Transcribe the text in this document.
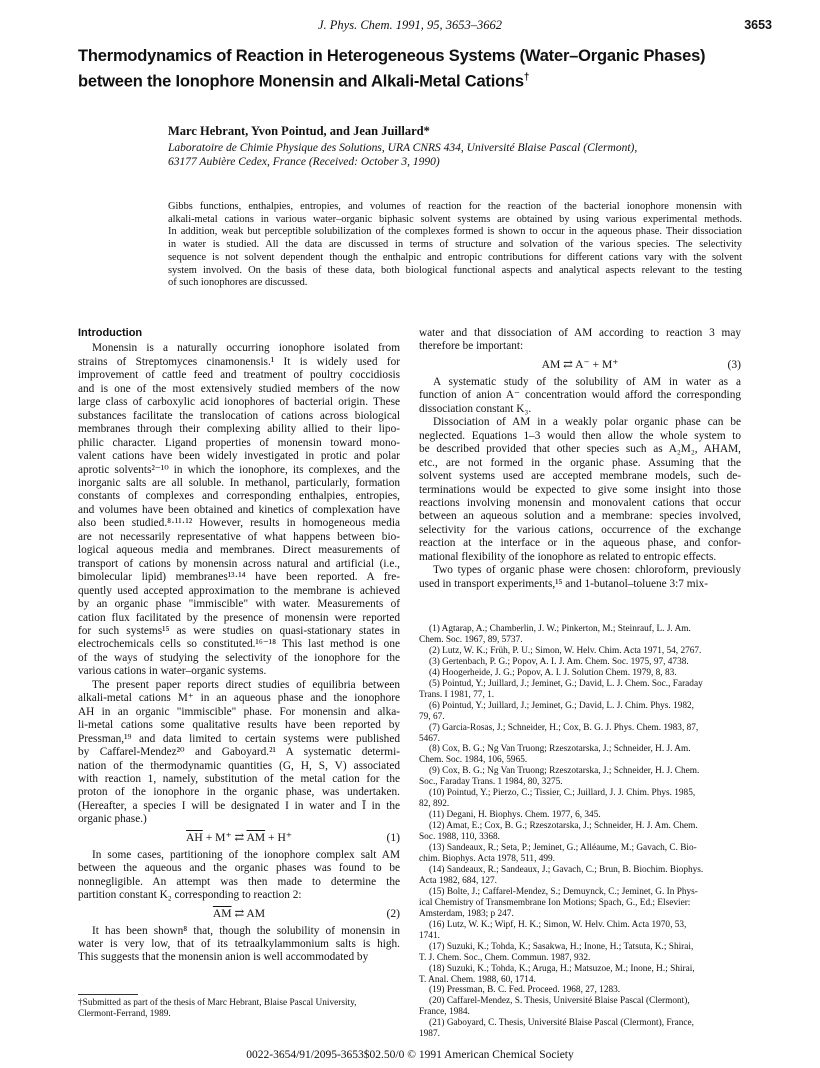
J. Phys. Chem. 1991, 95, 3653–3662	3653
Thermodynamics of Reaction in Heterogeneous Systems (Water–Organic Phases)
between the Ionophore Monensin and Alkali-Metal Cations†
Marc Hebrant, Yvon Pointud, and Jean Juillard*
Laboratoire de Chimie Physique des Solutions, URA CNRS 434, Université Blaise Pascal (Clermont),
63177 Aubière Cedex, France (Received: October 3, 1990)
Gibbs functions, enthalpies, entropies, and volumes of reaction for the reaction of the bacterial ionophore monensin with
alkali-metal cations in various water–organic biphasic solvent systems are obtained by using various experimental methods.
In addition, weak but perceptible solubilization of the complexes formed is shown to occur in the aqueous phase. Their dissociation
in water is studied. All the data are discussed in terms of structure and solvation of the various species. The selectivity
sequence is not solvent dependent though the enthalpic and entropic contributions for different cations vary with the solvent
system involved. On the basis of these data, both biological functional aspects and analytical aspects relevant to the testing
of such ionophores are discussed.
Introduction
Monensin is a naturally occurring ionophore isolated from
strains of Streptomyces cinamonensis.¹ It is widely used for
improvement of cattle feed and treatment of poultry coccidiosis
and is one of the most extensively studied members of the now
large class of carboxylic acid ionophores of bacterial origin. These
substances facilitate the translocation of cations across biological
membranes through their complexing ability allied to their lipo-
philic character. Ligand properties of monensin toward mono-
valent cations have been widely investigated in protic and polar
aprotic solvents²⁻¹⁰ in which the ionophore, its complexes, and the
inorganic salts are all soluble. In methanol, particularly, formation
constants of complexes and corresponding enthalpies, entropies,
and volumes have been obtained and kinetics of complexation have
also been studied.⁸·¹¹·¹² However, results in homogeneous media
are not necessarily representative of what happens between bio-
logical aqueous media and membranes. Direct measurements of
transport of cations by monensin across natural and artificial (i.e.,
bimolecular lipid) membranes¹³·¹⁴ have been reported. A fre-
quently used accepted approximation to the membrane is achieved
by an organic phase "immiscible" with water. Measurements of
cation flux facilitated by the presence of monensin were reported
for such systems¹⁵ as were studies on quasi-stationary states in
electrochemicals cells so constituted.¹⁶⁻¹⁸ This last method is one
of the ways of studying the selectivity of the ionophore for the
various cations in water–organic systems.
The present paper reports direct studies of equilibria between
alkali-metal cations M⁺ in an aqueous phase and the ionophore
AH in an organic "immiscible" phase. For monensin and alka-
li-metal cations some qualitative results have been reported by
Pressman,¹⁹ and data limited to certain systems were published
by Caffarel-Mendez²⁰ and Gaboyard.²¹ A systematic determi-
nation of the thermodynamic quantities (G, H, S, V) associated
with reaction 1, namely, substitution of the metal cation for the
proton of the ionophore in the organic phase, was undertaken.
(Hereafter, a species I will be designated I in water and Ī in the
organic phase.)
$\overline{AH} + M^+$ ⇄ $\overline{AM} + H^+$	(1)
In some cases, partitioning of the ionophore complex salt AM
between the aqueous and the organic phases was found to be
nonnegligible. An attempt was then made to determine the
partition constant K₂ corresponding to reaction 2:
$\overline{AM}$ ⇄ AM	(2)
It has been shown⁸ that, though the solubility of monensin in
water is very low, that of its tetraalkylammonium salts is high.
This suggests that the monensin anion is well accommodated by
†Submitted as part of the thesis of Marc Hebrant, Blaise Pascal University,
Clermont-Ferrand, 1989.
water and that dissociation of AM according to reaction 3 may
therefore be important:
AM ⇄ A⁻ + M⁺	(3)
A systematic study of the solubility of AM in water as a
function of anion A⁻ concentration would afford the corresponding
dissociation constant K₃.
Dissociation of AM in a weakly polar organic phase can be
neglected. Equations 1–3 would then allow the whole system to
be described provided that other species such as A₂M₂, AHAM,
etc., are not formed in the organic phase. Assuming that the
solvent systems used are accepted membrane models, such de-
terminations would be expected to give some insight into those
reactions involving monensin and monovalent cations that occur
between an aqueous solution and a membrane: species involved,
selectivity for the various cations, occurrence of the exchange
reaction at the interface or in the aqueous phase, and confor-
mational flexibility of the ionophore as related to entropic effects.
Two types of organic phase were chosen: chloroform, previously
used in transport experiments,¹⁵ and 1-butanol–toluene 3:7 mix-
(1) Agtarap, A.; Chamberlin, J. W.; Pinkerton, M.; Steinrauf, L. J. Am.
Chem. Soc. 1967, 89, 5737.
(2) Lutz, W. K.; Früh, P. U.; Simon, W. Helv. Chim. Acta 1971, 54, 2767.
(3) Gertenbach, P. G.; Popov, A. I. J. Am. Chem. Soc. 1975, 97, 4738.
(4) Hoogerheide, J. G.; Popov, A. I. J. Solution Chem. 1979, 8, 83.
(5) Pointud, Y.; Juillard, J.; Jeminet, G.; David, L. J. Chem. Soc., Faraday
Trans. I 1981, 77, 1.
(6) Pointud, Y.; Juillard, J.; Jeminet, G.; David, L. J. Chim. Phys. 1982,
79, 67.
(7) Garcia-Rosas, J.; Schneider, H.; Cox, B. G. J. Phys. Chem. 1983, 87,
5467.
(8) Cox, B. G.; Ng Van Truong; Rzeszotarska, J.; Schneider, H. J. Am.
Chem. Soc. 1984, 106, 5965.
(9) Cox, B. G.; Ng Van Truong; Rzeszotarska, J.; Schneider, H. J. Chem.
Soc., Faraday Trans. 1 1984, 80, 3275.
(10) Pointud, Y.; Pierzo, C.; Tissier, C.; Juillard, J. J. Chim. Phys. 1985,
82, 892.
(11) Degani, H. Biophys. Chem. 1977, 6, 345.
(12) Amat, E.; Cox, B. G.; Rzeszotarska, J.; Schneider, H. J. Am. Chem.
Soc. 1988, 110, 3368.
(13) Sandeaux, R.; Seta, P.; Jeminet, G.; Alléaume, M.; Gavach, C. Bio-
chim. Biophys. Acta 1978, 511, 499.
(14) Sandeaux, R.; Sandeaux, J.; Gavach, C.; Brun, B. Biochim. Biophys.
Acta 1982, 684, 127.
(15) Bolte, J.; Caffarel-Mendez, S.; Demuynck, C.; Jeminet, G. In Phys-
ical Chemistry of Transmembrane Ion Motions; Spach, G., Ed.; Elsevier:
Amsterdam, 1983; p 247.
(16) Lutz, W. K.; Wipf, H. K.; Simon, W. Helv. Chim. Acta 1970, 53,
1741.
(17) Suzuki, K.; Tohda, K.; Sasakwa, H.; Inone, H.; Tatsuta, K.; Shirai,
T. J. Chem. Soc., Chem. Commun. 1987, 932.
(18) Suzuki, K.; Tohda, K.; Aruga, H.; Matsuzoe, M.; Inone, H.; Shirai,
T. Anal. Chem. 1988, 60, 1714.
(19) Pressman, B. C. Fed. Proceed. 1968, 27, 1283.
(20) Caffarel-Mendez, S. Thesis, Université Blaise Pascal (Clermont),
France, 1984.
(21) Gaboyard, C. Thesis, Université Blaise Pascal (Clermont), France,
1987.
0022-3654/91/2095-3653$02.50/0 © 1991 American Chemical Society
